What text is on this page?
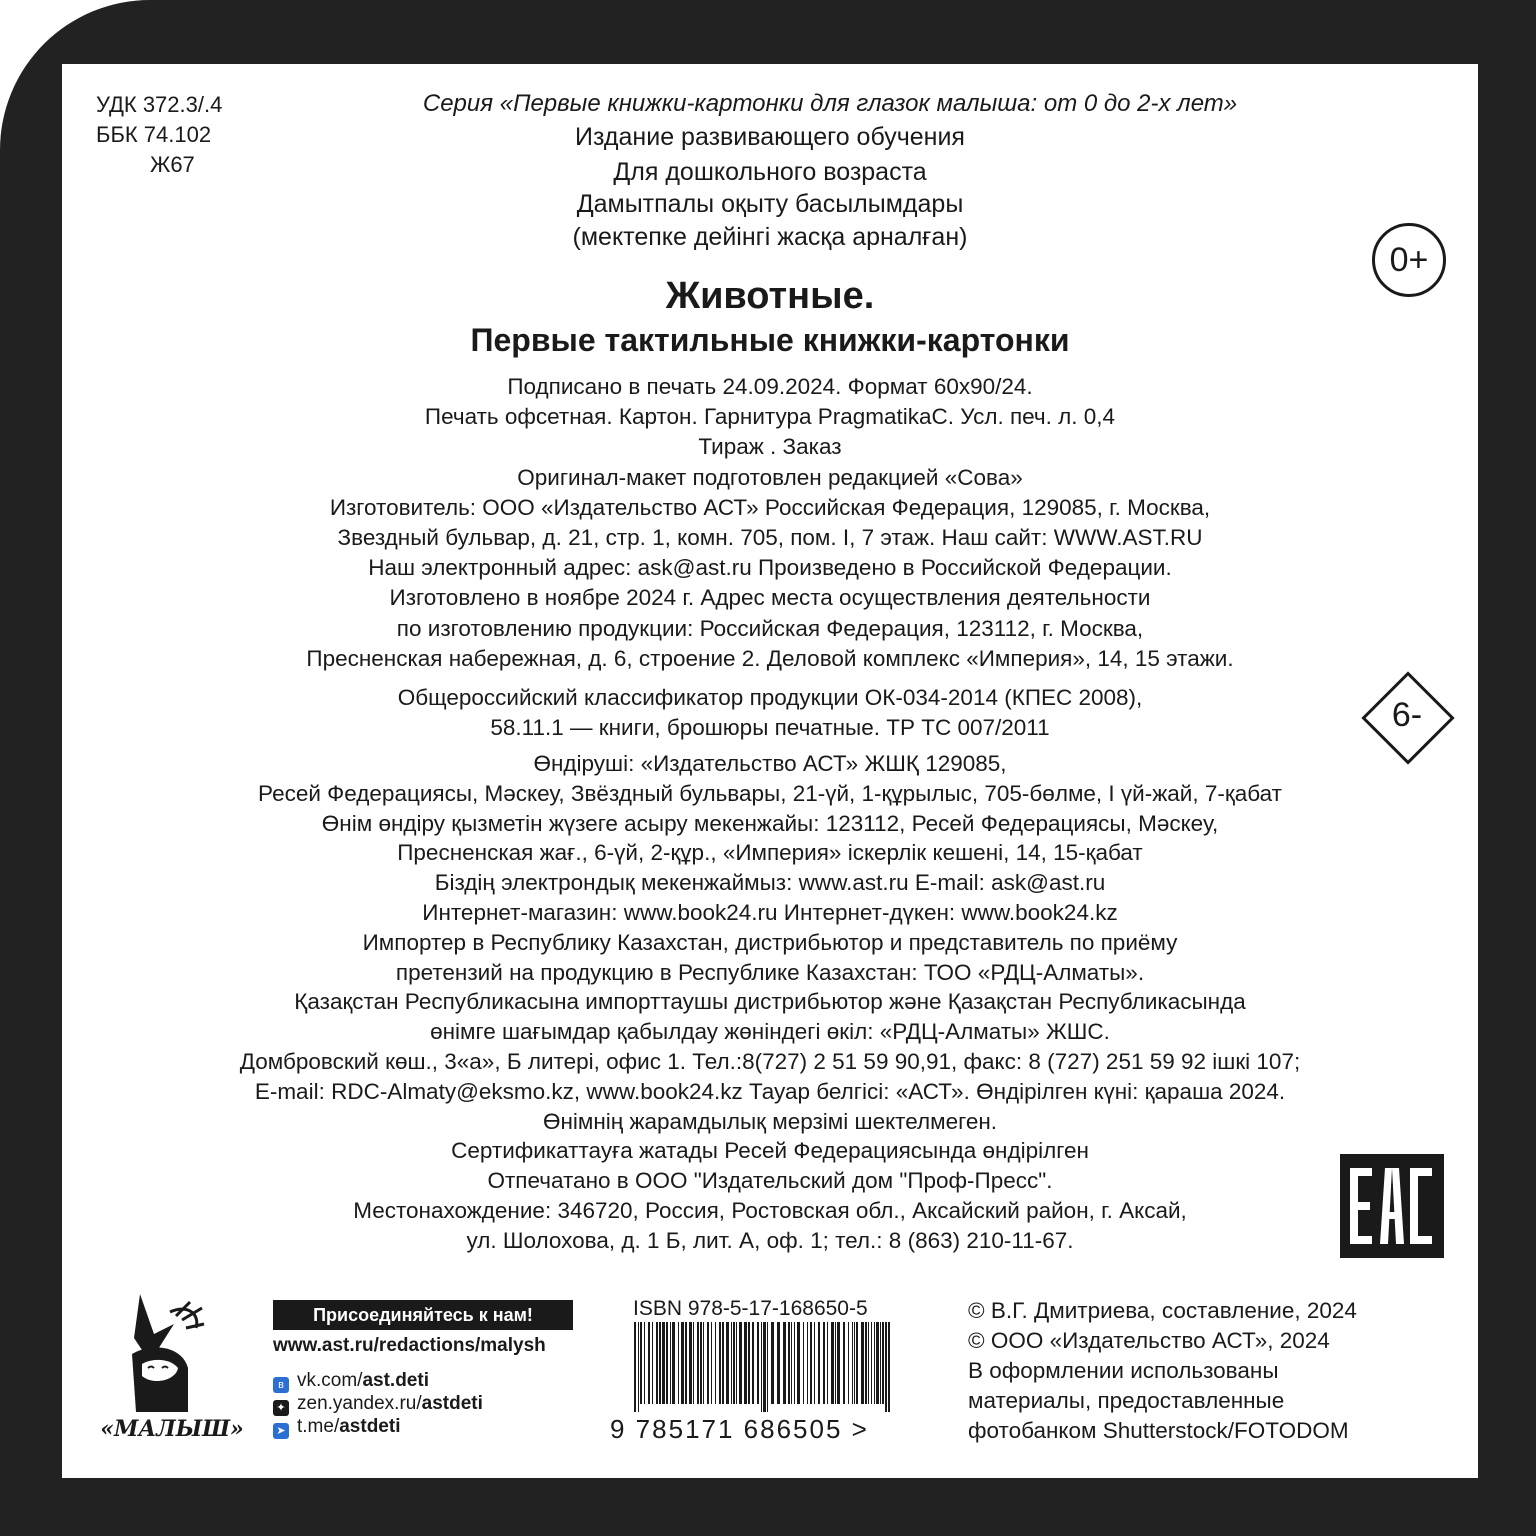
УДК 372.3/.4
ББК 74.102
Ж67
Серия «Первые книжки-картонки для глазок малыша: от 0 до 2-х лет»
Издание развивающего обучения
Для дошкольного возраста
Дамытпалы оқыту басылымдары
(мектепке дейінгі жасқа арналған)
0+
Животные.
Первые тактильные книжки-картонки
Подписано в печать 24.09.2024. Формат 60х90/24.
Печать офсетная. Картон. Гарнитура PragmatikaC. Усл. печ. л. 0,4
Тираж . Заказ
Оригинал-макет подготовлен редакцией «Сова»
Изготовитель: ООО «Издательство АСТ» Российская Федерация, 129085, г. Москва,
Звездный бульвар, д. 21, стр. 1, комн. 705, пом. I, 7 этаж. Наш сайт: WWW.AST.RU
Наш электронный адрес: ask@ast.ru Произведено в Российской Федерации.
Изготовлено в ноябре 2024 г. Адрес места осуществления деятельности
по изготовлению продукции: Российская Федерация, 123112, г. Москва,
Пресненская набережная, д. 6, строение 2. Деловой комплекс «Империя», 14, 15 этажи.
6-
Общероссийский классификатор продукции ОК-034-2014 (КПЕС 2008),
58.11.1 — книги, брошюры печатные. ТР ТС 007/2011
Өндіруші: «Издательство АСТ» ЖШҚ 129085,
Ресей Федерациясы, Мәскеу, Звёздный бульвары, 21-үй, 1-құрылыс, 705-бөлме, I үй-жай, 7-қабат
Өнім өндіру қызметін жүзеге асыру мекенжайы: 123112, Ресей Федерациясы, Мәскеу,
Пресненская жағ., 6-үй, 2-құр., «Империя» іскерлік кешені, 14, 15-қабат
Біздің электрондық мекенжаймыз: www.ast.ru E-mail: ask@ast.ru
Интернет-магазин: www.book24.ru Интернет-дүкен: www.book24.kz
Импортер в Республику Казахстан, дистрибьютор и представитель по приёму
претензий на продукцию в Республике Казахстан: ТОО «РДЦ-Алматы».
Қазақстан Республикасына импорттаушы дистрибьютор және Қазақстан Республикасында
өнімге шағымдар қабылдау жөніндегі өкіл: «РДЦ-Алматы» ЖШС.
Домбровский көш., 3«а», Б литері, офис 1. Тел.:8(727) 2 51 59 90,91, факс: 8 (727) 251 59 92 ішкі 107;
E-mail: RDC-Almaty@eksmo.kz, www.book24.kz Тауар белгісі: «АСТ». Өндірілген күні: қараша 2024.
Өнімнің жарамдылық мерзімі шектелмеген.
Сертификаттауға жатады Ресей Федерациясында өндірілген
Отпечатано в ООО "Издательский дом "Проф-Пресс".
Местонахождение: 346720, Россия, Ростовская обл., Аксайский район, г. Аксай,
ул. Шолохова, д. 1 Б, лит. А, оф. 1; тел.: 8 (863) 210-11-67.
«МАЛЫШ»
Присоединяйтесь к нам!
www.ast.ru/redactions/malysh
в vk.com/ast.deti
✦ zen.yandex.ru/astdeti
➤ t.me/astdeti
ISBN 978-5-17-168650-5
9 785171 686505 >
© В.Г. Дмитриева, составление, 2024
© ООО «Издательство АСТ», 2024
В оформлении использованы
материалы, предоставленные
фотобанком Shutterstock/FOTODOM
